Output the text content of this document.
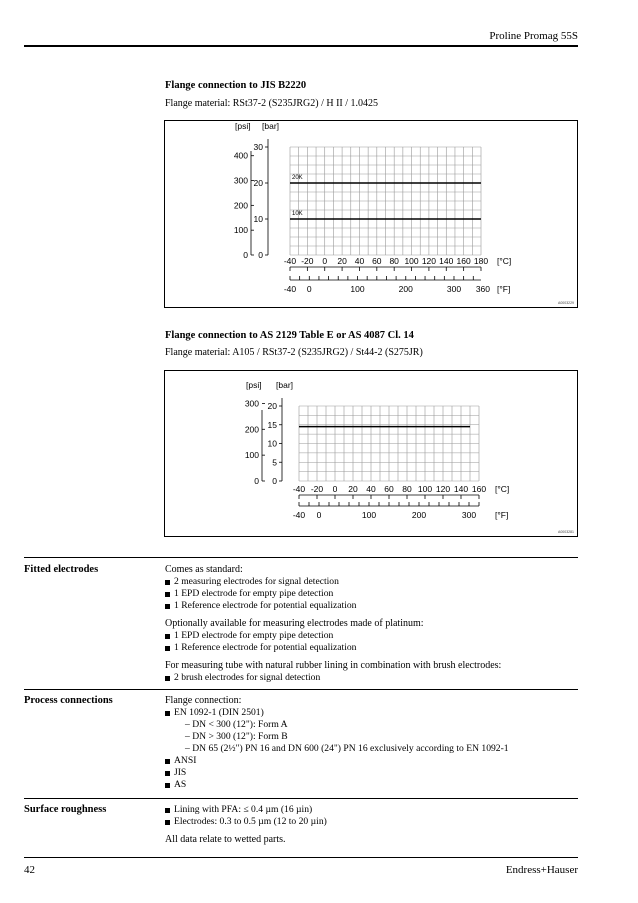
Proline Promag 55S
Flange connection to JIS B2220
Flange material: RSt37-2 (S235JRG2) / H II / 1.0425
[psi] [bar]
0
10
20
30
0
100
200
300
400
-40 -20 0 20 40 60 80 100 120 140 160 180 [°C]
-40 0	100	200	300 360 [°F]
20K
10K
A0003229
Flange connection to AS 2129 Table E or AS 4087 Cl. 14
Flange material: A105 / RSt37-2 (S235JRG2) / St44-2 (S275JR)
[psi] [bar]
0
5
10
15
20
0
100
200
300
-40 -20 0 20 40 60 80 100 120 140 160 [°C]
-40 0	100	200	300 [°F]
A0003281
Fitted electrodes	Comes as standard:
2 measuring electrodes for signal detection
1 EPD electrode for empty pipe detection
1 Reference electrode for potential equalization
Optionally available for measuring electrodes made of platinum:
1 EPD electrode for empty pipe detection
1 Reference electrode for potential equalization
For measuring tube with natural rubber lining in combination with brush electrodes:
2 brush electrodes for signal detection
Process connections	Flange connection:
EN 1092-1 (DIN 2501)
– DN < 300 (12"): Form A
– DN > 300 (12"): Form B
– DN 65 (2½") PN 16 and DN 600 (24") PN 16 exclusively according to EN 1092-1
ANSI
JIS
AS
Surface roughness	Lining with PFA: ≤ 0.4 µm (16 µin)
Electrodes: 0.3 to 0.5 µm (12 to 20 µin)
All data relate to wetted parts.
42	Endress+Hauser
